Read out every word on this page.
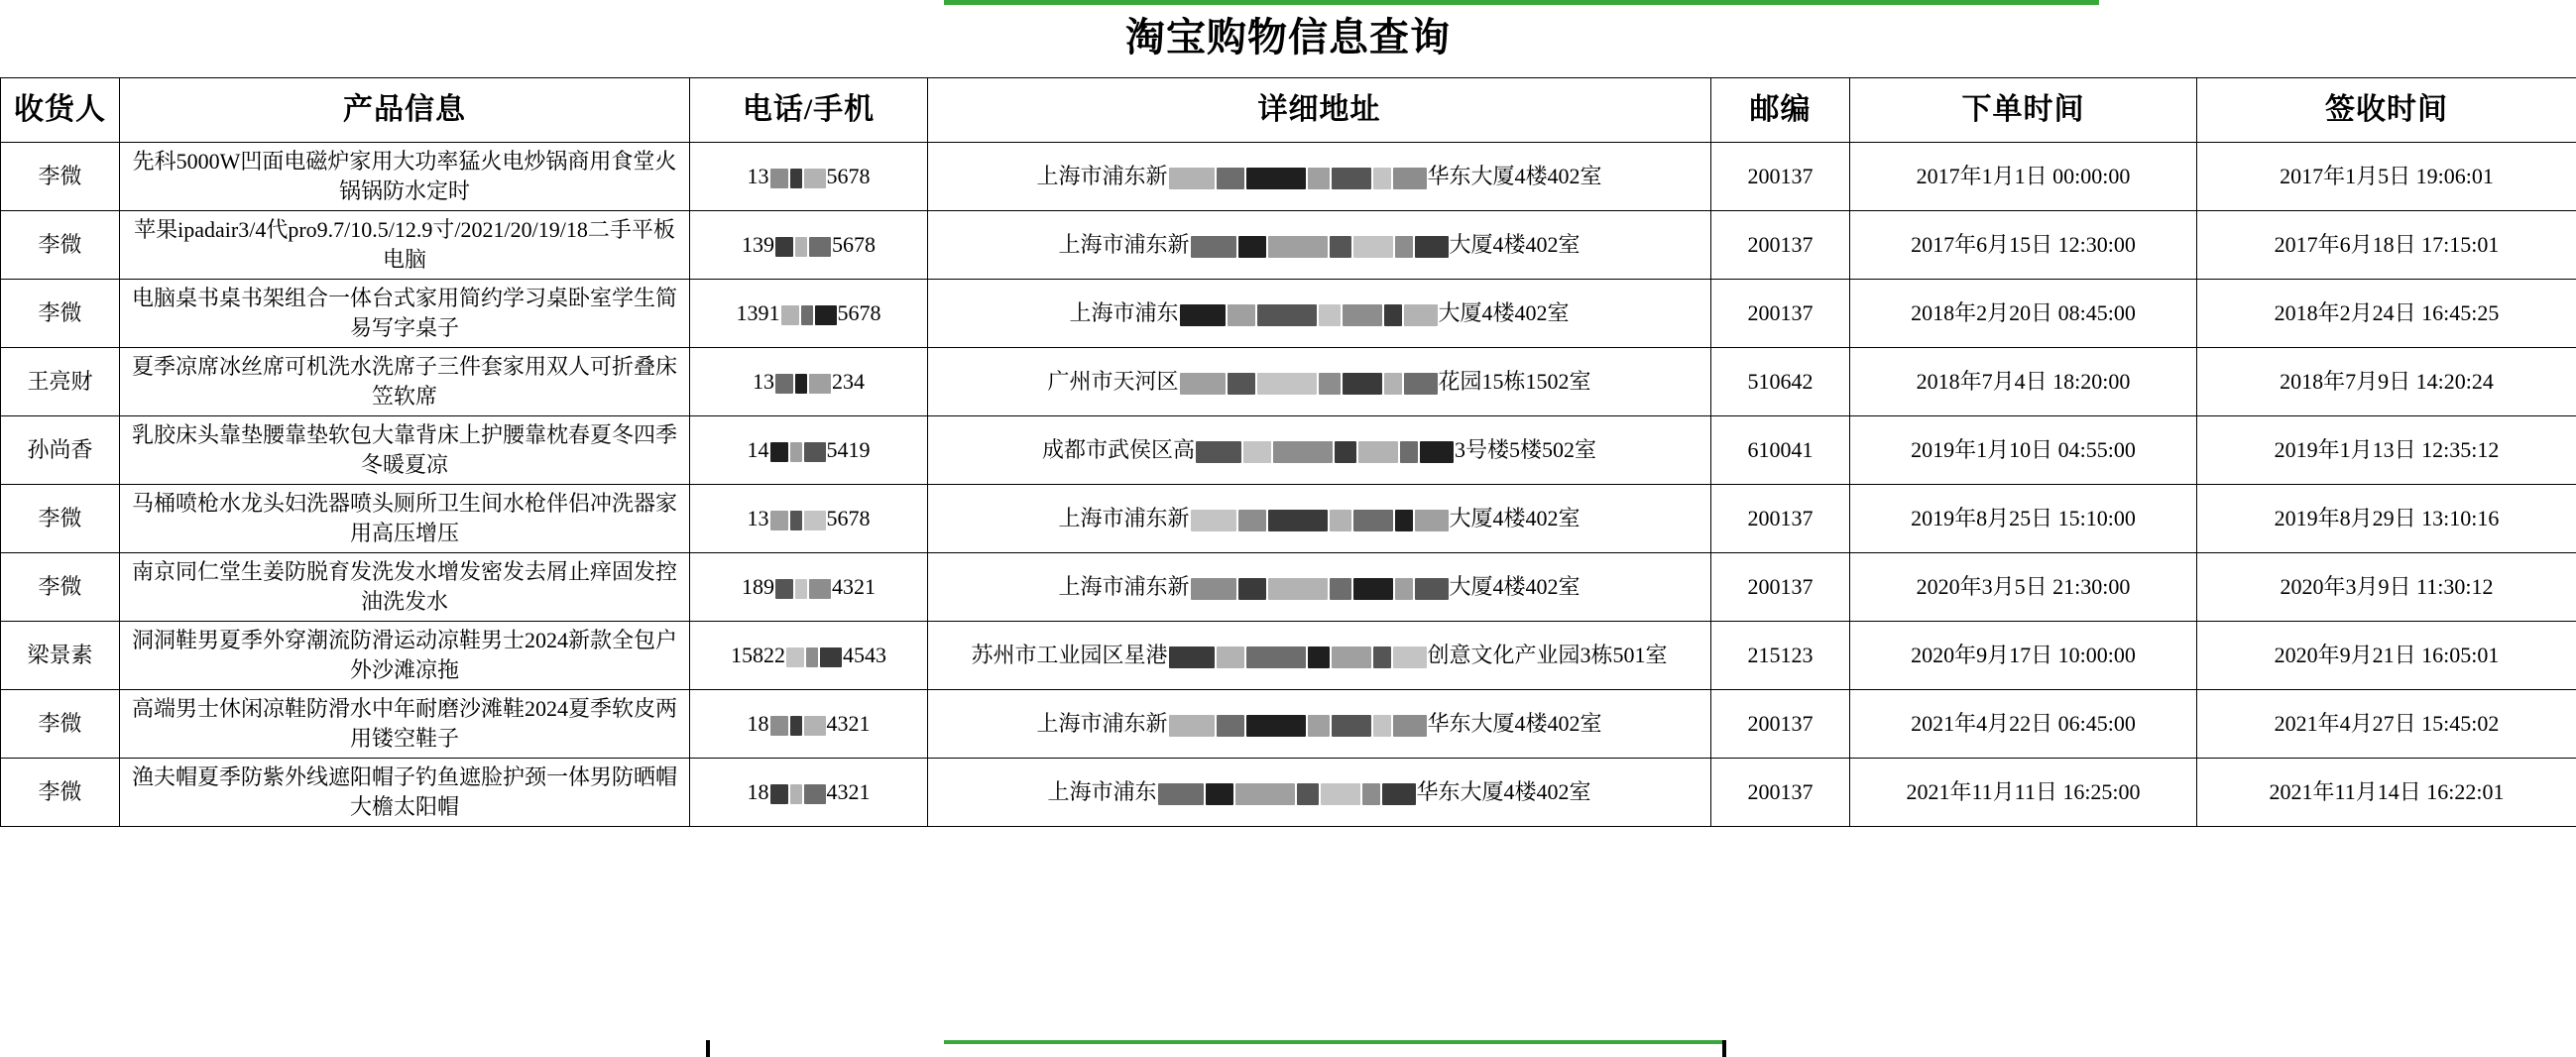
淘宝购物信息查询
收货人	产品信息	电话/手机	详细地址	邮编	下单时间	签收时间
李微	先科5000W凹面电磁炉家用大功率猛火电炒锅商用食堂火锅锅防水定时	13 5678	上海市浦东新 华东大厦4楼402室	200137	2017年1月1日 00:00:00	2017年1月5日 19:06:01
李微	苹果ipadair3/4代pro9.7/10.5/12.9寸/2021/20/19/18二手平板电脑	139 5678	上海市浦东新 大厦4楼402室	200137	2017年6月15日 12:30:00	2017年6月18日 17:15:01
李微	电脑桌书桌书架组合一体台式家用简约学习桌卧室学生简易写字桌子	1391 5678	上海市浦东 大厦4楼402室	200137	2018年2月20日 08:45:00	2018年2月24日 16:45:25
王亮财	夏季凉席冰丝席可机洗水洗席子三件套家用双人可折叠床笠软席	13 234	广州市天河区 花园15栋1502室	510642	2018年7月4日 18:20:00	2018年7月9日 14:20:24
孙尚香	乳胶床头靠垫腰靠垫软包大靠背床上护腰靠枕春夏冬四季冬暖夏凉	14 5419	成都市武侯区高 3号楼5楼502室	610041	2019年1月10日 04:55:00	2019年1月13日 12:35:12
李微	马桶喷枪水龙头妇洗器喷头厕所卫生间水枪伴侣冲洗器家用高压增压	13 5678	上海市浦东新 大厦4楼402室	200137	2019年8月25日 15:10:00	2019年8月29日 13:10:16
李微	南京同仁堂生姜防脱育发洗发水增发密发去屑止痒固发控油洗发水	189 4321	上海市浦东新 大厦4楼402室	200137	2020年3月5日 21:30:00	2020年3月9日 11:30:12
梁景素	洞洞鞋男夏季外穿潮流防滑运动凉鞋男士2024新款全包户外沙滩凉拖	15822 4543	苏州市工业园区星港 创意文化产业园3栋501室	215123	2020年9月17日 10:00:00	2020年9月21日 16:05:01
李微	高端男士休闲凉鞋防滑水中年耐磨沙滩鞋2024夏季软皮两用镂空鞋子	18 4321	上海市浦东新 华东大厦4楼402室	200137	2021年4月22日 06:45:00	2021年4月27日 15:45:02
李微	渔夫帽夏季防紫外线遮阳帽子钓鱼遮脸护颈一体男防晒帽大檐太阳帽	18 4321	上海市浦东 华东大厦4楼402室	200137	2021年11月11日 16:25:00	2021年11月14日 16:22:01
